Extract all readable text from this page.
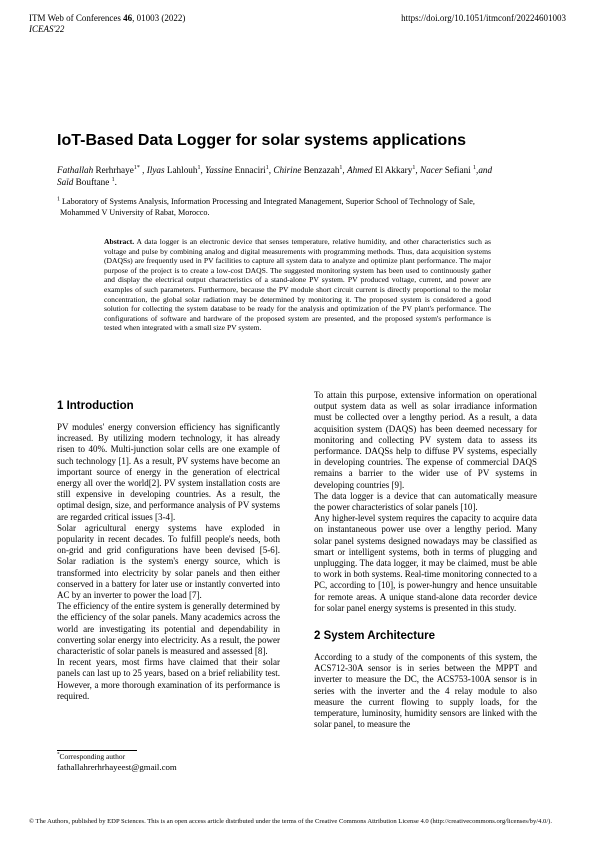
ITM Web of Conferences 46, 01003 (2022)
ICEAS'22
https://doi.org/10.1051/itmconf/20224601003
IoT-Based Data Logger for solar systems applications
Fathallah Rerhrhaye$^{1*}$ , Ilyas Lahlouh$^1$, Yassine Ennaciri$^1$, Chirine Benzazah$^1$, Ahmed El Akkary$^1$, Nacer Sefiani $^1$,and
Saïd Bouftane $^1$.
$^1$ Laboratory of Systems Analysis, Information Processing and Integrated Management, Superior School of Technology of Sale,
Mohammed V University of Rabat, Morocco.
Abstract. A data logger is an electronic device that senses temperature, relative humidity, and other characteristics such as voltage and pulse by combining analog and digital measurements with programming methods. Thus, data acquisition systems (DAQSs) are frequently used in PV facilities to capture all system data to analyze and optimize plant performance. The major purpose of the project is to create a low-cost DAQS. The suggested monitoring system has been used to continuously gather and display the electrical output characteristics of a stand-alone PV system. PV produced voltage, current, and power are examples of such parameters. Furthermore, because the PV module short circuit current is directly proportional to the molar concentration, the global solar radiation may be determined by monitoring it. The proposed system is considered a good solution for collecting the system database to be ready for the analysis and optimization of the PV plant's performance. The configurations of software and hardware of the proposed system are presented, and the proposed system's performance is tested when integrated with a small size PV system.
1 Introduction

PV modules' energy conversion efficiency has significantly increased. By utilizing modern technology, it has already risen to 40%. Multi-junction solar cells are one example of such technology [1]. As a result, PV systems have become an important source of energy in the generation of electrical energy all over the world[2]. PV system installation costs are still expensive in developing countries. As a result, the optimal design, size, and performance analysis of PV systems are regarded critical issues [3-4].

Solar agricultural energy systems have exploded in popularity in recent decades. To fulfill people's needs, both on-grid and grid configurations have been devised [5-6]. Solar radiation is the system's energy source, which is transformed into electricity by solar panels and then either conserved in a battery for later use or instantly converted into AC by an inverter to power the load [7].

The efficiency of the entire system is generally determined by the efficiency of the solar panels. Many academics across the world are investigating its potential and dependability in converting solar energy into electricity. As a result, the power characteristic of solar panels is measured and assessed [8].

In recent years, most firms have claimed that their solar panels can last up to 25 years, based on a brief reliability test. However, a more thorough examination of its performance is required.

To attain this purpose, extensive information on operational output system data as well as solar irradiance information must be collected over a lengthy period. As a result, a data acquisition system (DAQS) has been deemed necessary for monitoring and collecting PV system data to assess its performance. DAQSs help to diffuse PV systems, especially in developing countries. The expense of commercial DAQS remains a barrier to the wider use of PV systems in developing countries [9].

The data logger is a device that can automatically measure the power characteristics of solar panels [10].

Any higher-level system requires the capacity to acquire data on instantaneous power use over a lengthy period. Many solar panel systems designed nowadays may be classified as smart or intelligent systems, both in terms of plugging and unplugging. The data logger, it may be claimed, must be able to work in both systems. Real-time monitoring connected to a PC, according to [10], is power-hungry and hence unsuitable for remote areas. A unique stand-alone data recorder device for solar panel energy systems is presented in this study.

2 System Architecture

According to a study of the components of this system, the ACS712-30A sensor is in series between the MPPT and inverter to measure the DC, the ACS753-100A sensor is in series with the inverter and the 4 relay module to also measure the current flowing to supply loads, for the temperature, luminosity, humidity sensors are linked with the solar panel, to measure the

*Corresponding author
fathallahrerhrhayeest@gmail.com
© The Authors, published by EDP Sciences. This is an open access article distributed under the terms of the Creative Commons Attribution License 4.0 (http://creativecommons.org/licenses/by/4.0/).
